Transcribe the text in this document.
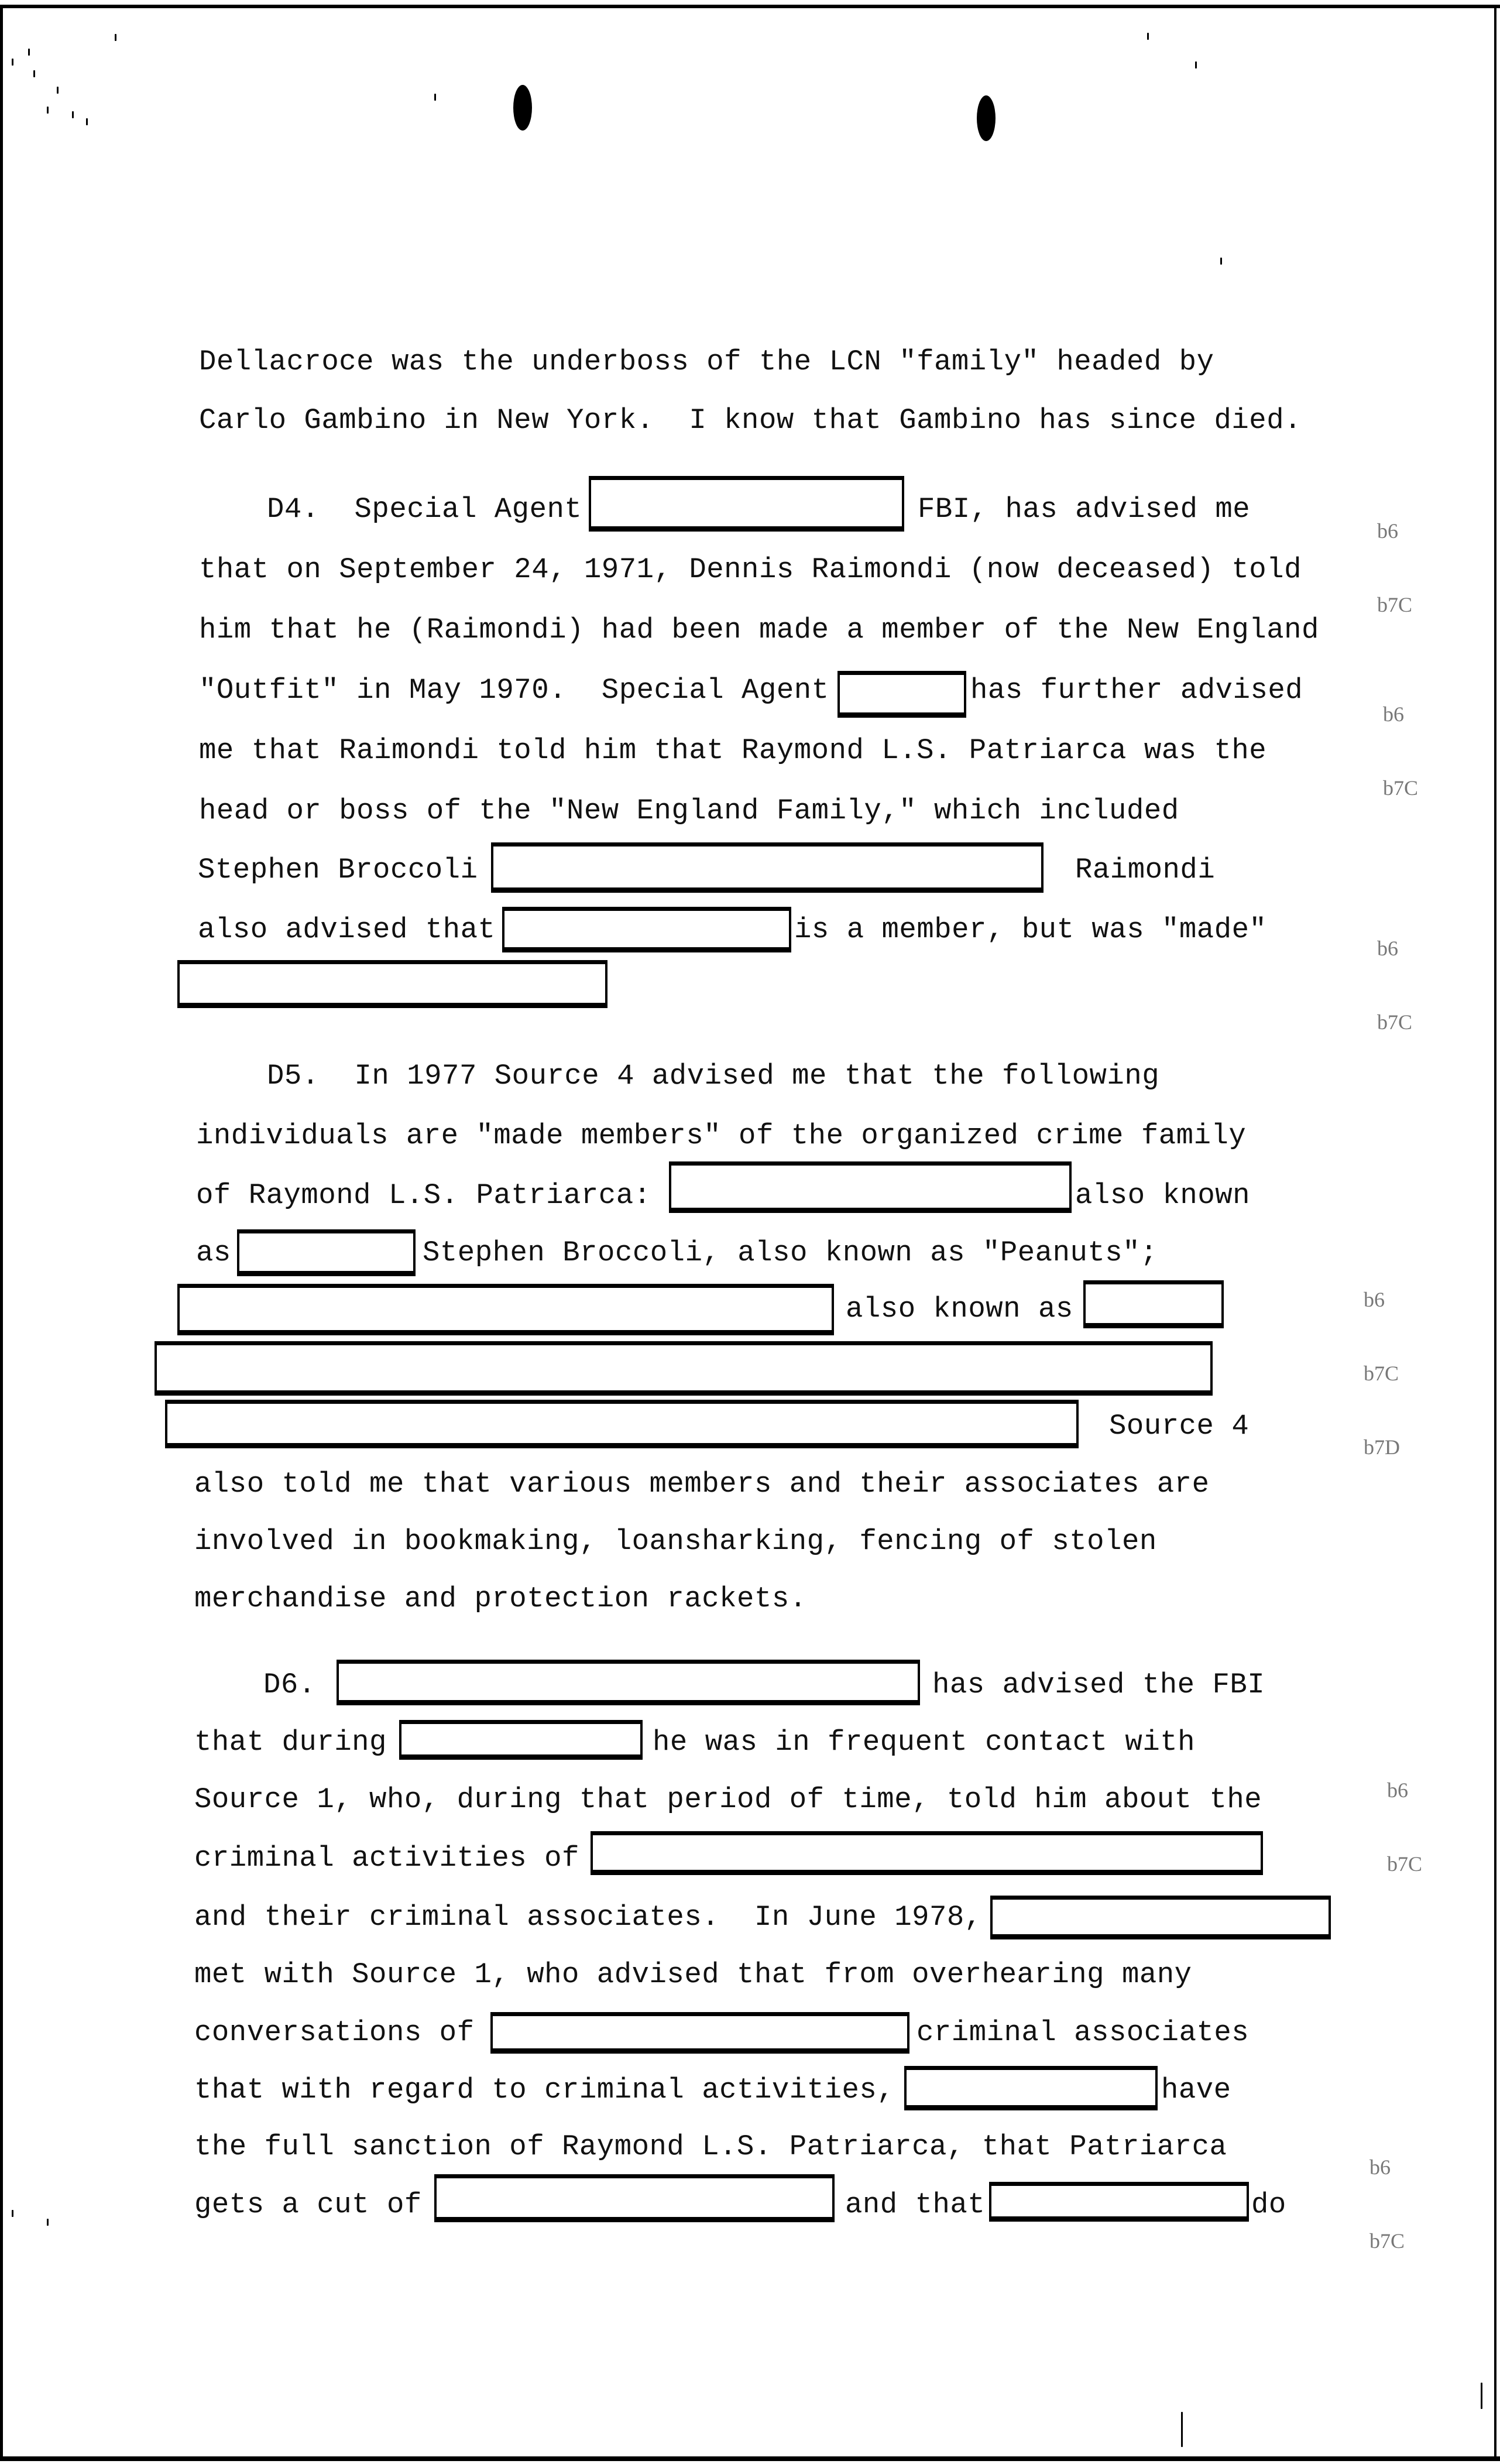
Dellacroce was the underboss of the LCN "family" headed by
Carlo Gambino in New York.  I know that Gambino has since died.
D4.  Special Agent	FBI, has advised me
that on September 24, 1971, Dennis Raimondi (now deceased) told
him that he (Raimondi) had been made a member of the New England
"Outfit" in May 1970.  Special Agent	has further advised
me that Raimondi told him that Raymond L.S. Patriarca was the
head or boss of the "New England Family," which included
Stephen Broccoli	Raimondi
also advised that	is a member, but was "made"
D5.  In 1977 Source 4 advised me that the following
individuals are "made members" of the organized crime family
of Raymond L.S. Patriarca:	also known
as	Stephen Broccoli, also known as "Peanuts";
also known as
Source 4
also told me that various members and their associates are
involved in bookmaking, loansharking, fencing of stolen
merchandise and protection rackets.
D6.	has advised the FBI
that during	he was in frequent contact with
Source 1, who, during that period of time, told him about the
criminal activities of
and their criminal associates.  In June 1978,
met with Source 1, who advised that from overhearing many
conversations of	criminal associates
that with regard to criminal activities,	have
the full sanction of Raymond L.S. Patriarca, that Patriarca
gets a cut of	and that	do

b6

b7C

b6

b7C

b6

b7C

b6

b7C

b7D

b6

b7C

b6

b7C
